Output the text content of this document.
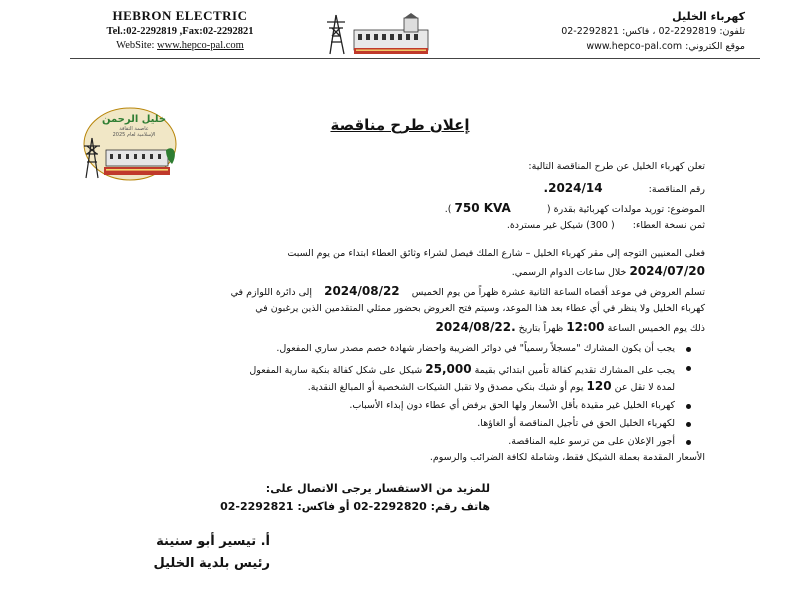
HEBRON ELECTRIC
Tel.:02-2292819 ,Fax:02-2292821
WebSite: www.hepco-pal.com
كهرباء الخليل
تلفون: 2292819-02 ، فاكس: 2292821-02
موقع الكتروني: www.hepco-pal.com
خليل الرحمن
عاصمة الثقافة
الإسلامية لعام 2025
إعلان طرح مناقصة
تعلن كهرباء الخليل عن طرح المناقصة التالية:
رقم المناقصة:  2024/14.
الموضوع: توريد مولدات كهربائية بقدرة (  750 KVA ).
ثمن نسخة العطاء:  ( 300) شيكل غير مستردة.
فعلى المعنيين التوجه إلى مقر كهرباء الخليل – شارع الملك فيصل لشراء وثائق العطاء ابتداء من يوم السبت
2024/07/20 خلال ساعات الدوام الرسمي.
تسلم العروض في موعد أقصاه الساعة الثانية عشرة ظهراً من يوم الخميس  2024/08/22  إلى دائرة اللوازم في
كهرباء الخليل ولا ينظر في أي عطاء بعد هذا الموعد، وسيتم فتح العروض بحضور ممثلي المتقدمين الذين يرغبون في
ذلك يوم الخميس الساعة 12:00 ظهراً بتاريخ 2024/08/22.
يجب أن يكون المشارك "مسجلاً رسمياً" في دوائر الضريبة واحضار شهادة خصم مصدر ساري المفعول.
يجب على المشارك تقديم كفالة تأمين ابتدائي بقيمة 25,000 شيكل على شكل كفالة بنكية سارية المفعول
لمدة لا تقل عن 120 يوم أو شيك بنكي مصدق ولا تقبل الشيكات الشخصية أو المبالغ النقدية.
كهرباء الخليل غير مقيدة بأقل الأسعار ولها الحق برفض أي عطاء دون إبداء الأسباب.
لكهرباء الخليل الحق في تأجيل المناقصة أو الغاؤها.
أجور الإعلان على من ترسو عليه المناقصة.
الأسعار المقدمة بعملة الشيكل فقط، وشاملة لكافة الضرائب والرسوم.
للمزيد من الاستفسار يرجى الاتصال على:
هاتف رقم: 2292820-02 أو فاكس: 2292821-02
أ. تيسير أبو سنينة
رئيس بلدية الخليل
